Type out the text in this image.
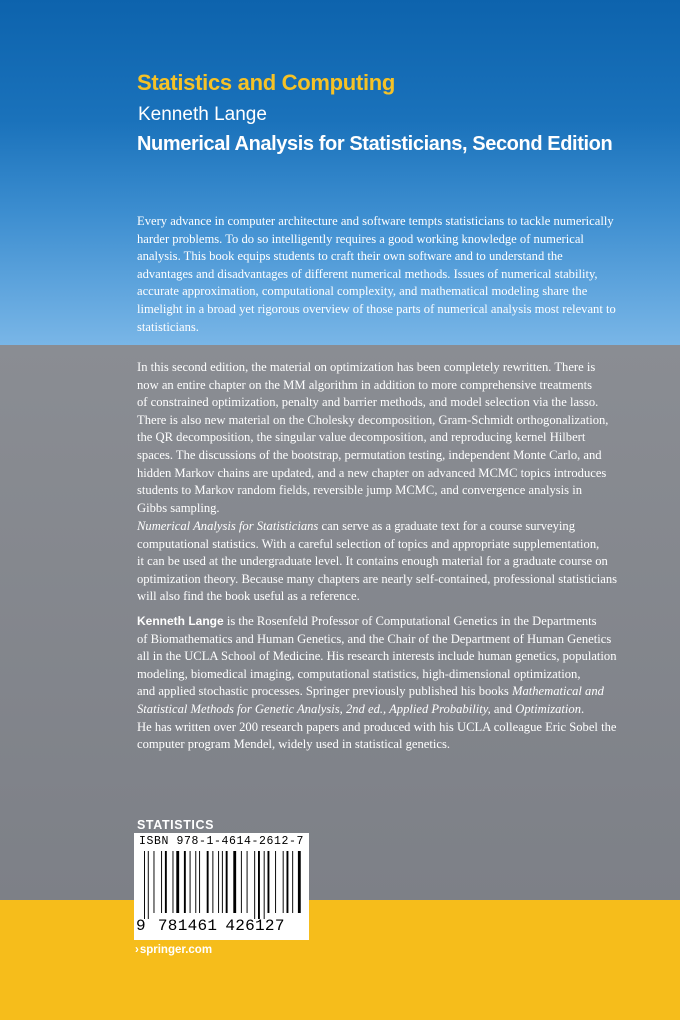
Statistics and Computing
Kenneth Lange
Numerical Analysis for Statisticians, Second Edition
Every advance in computer architecture and software tempts statisticians to tackle numerically
harder problems. To do so intelligently requires a good working knowledge of numerical
analysis. This book equips students to craft their own software and to understand the
advantages and disadvantages of different numerical methods. Issues of numerical stability,
accurate approximation, computational complexity, and mathematical modeling share the
limelight in a broad yet rigorous overview of those parts of numerical analysis most relevant to
statisticians.
In this second edition, the material on optimization has been completely rewritten. There is
now an entire chapter on the MM algorithm in addition to more comprehensive treatments
of constrained optimization, penalty and barrier methods, and model selection via the lasso.
There is also new material on the Cholesky decomposition, Gram-Schmidt orthogonalization,
the QR decomposition, the singular value decomposition, and reproducing kernel Hilbert
spaces. The discussions of the bootstrap, permutation testing, independent Monte Carlo, and
hidden Markov chains are updated, and a new chapter on advanced MCMC topics introduces
students to Markov random fields, reversible jump MCMC, and convergence analysis in
Gibbs sampling.
Numerical Analysis for Statisticians can serve as a graduate text for a course surveying
computational statistics. With a careful selection of topics and appropriate supplementation,
it can be used at the undergraduate level. It contains enough material for a graduate course on
optimization theory. Because many chapters are nearly self-contained, professional statisticians
will also find the book useful as a reference.
Kenneth Lange is the Rosenfeld Professor of Computational Genetics in the Departments
of Biomathematics and Human Genetics, and the Chair of the Department of Human Genetics
all in the UCLA School of Medicine. His research interests include human genetics, population
modeling, biomedical imaging, computational statistics, high-dimensional optimization,
and applied stochastic processes. Springer previously published his books Mathematical and
Statistical Methods for Genetic Analysis, 2nd ed., Applied Probability, and Optimization.
He has written over 200 research papers and produced with his UCLA colleague Eric Sobel the
computer program Mendel, widely used in statistical genetics.
STATISTICS
ISBN 978-1-4614-2612-7
9 781461 426127
›springer.com
